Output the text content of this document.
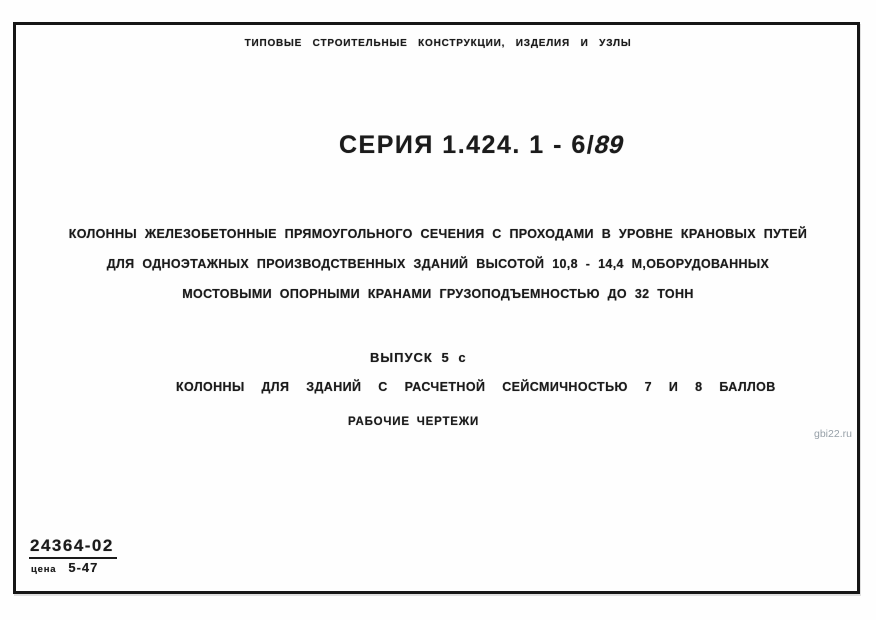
ТИПОВЫЕ СТРОИТЕЛЬНЫЕ КОНСТРУКЦИИ, ИЗДЕЛИЯ И УЗЛЫ
СЕРИЯ 1.424. 1 - 6/89
КОЛОННЫ ЖЕЛЕЗОБЕТОННЫЕ ПРЯМОУГОЛЬНОГО СЕЧЕНИЯ С ПРОХОДАМИ В УРОВНЕ КРАНОВЫХ ПУТЕЙ
ДЛЯ ОДНОЭТАЖНЫХ ПРОИЗВОДСТВЕННЫХ ЗДАНИЙ ВЫСОТОЙ 10,8 - 14,4 М,ОБОРУДОВАННЫХ
МОСТОВЫМИ ОПОРНЫМИ КРАНАМИ ГРУЗОПОДЪЕМНОСТЬЮ ДО 32 ТОНН
ВЫПУСК 5 с
КОЛОННЫ ДЛЯ ЗДАНИЙ С РАСЧЕТНОЙ СЕЙСМИЧНОСТЬЮ 7 И 8 БАЛЛОВ
РАБОЧИЕ ЧЕРТЕЖИ
24364-02
цена 5-47
gbi22.ru
